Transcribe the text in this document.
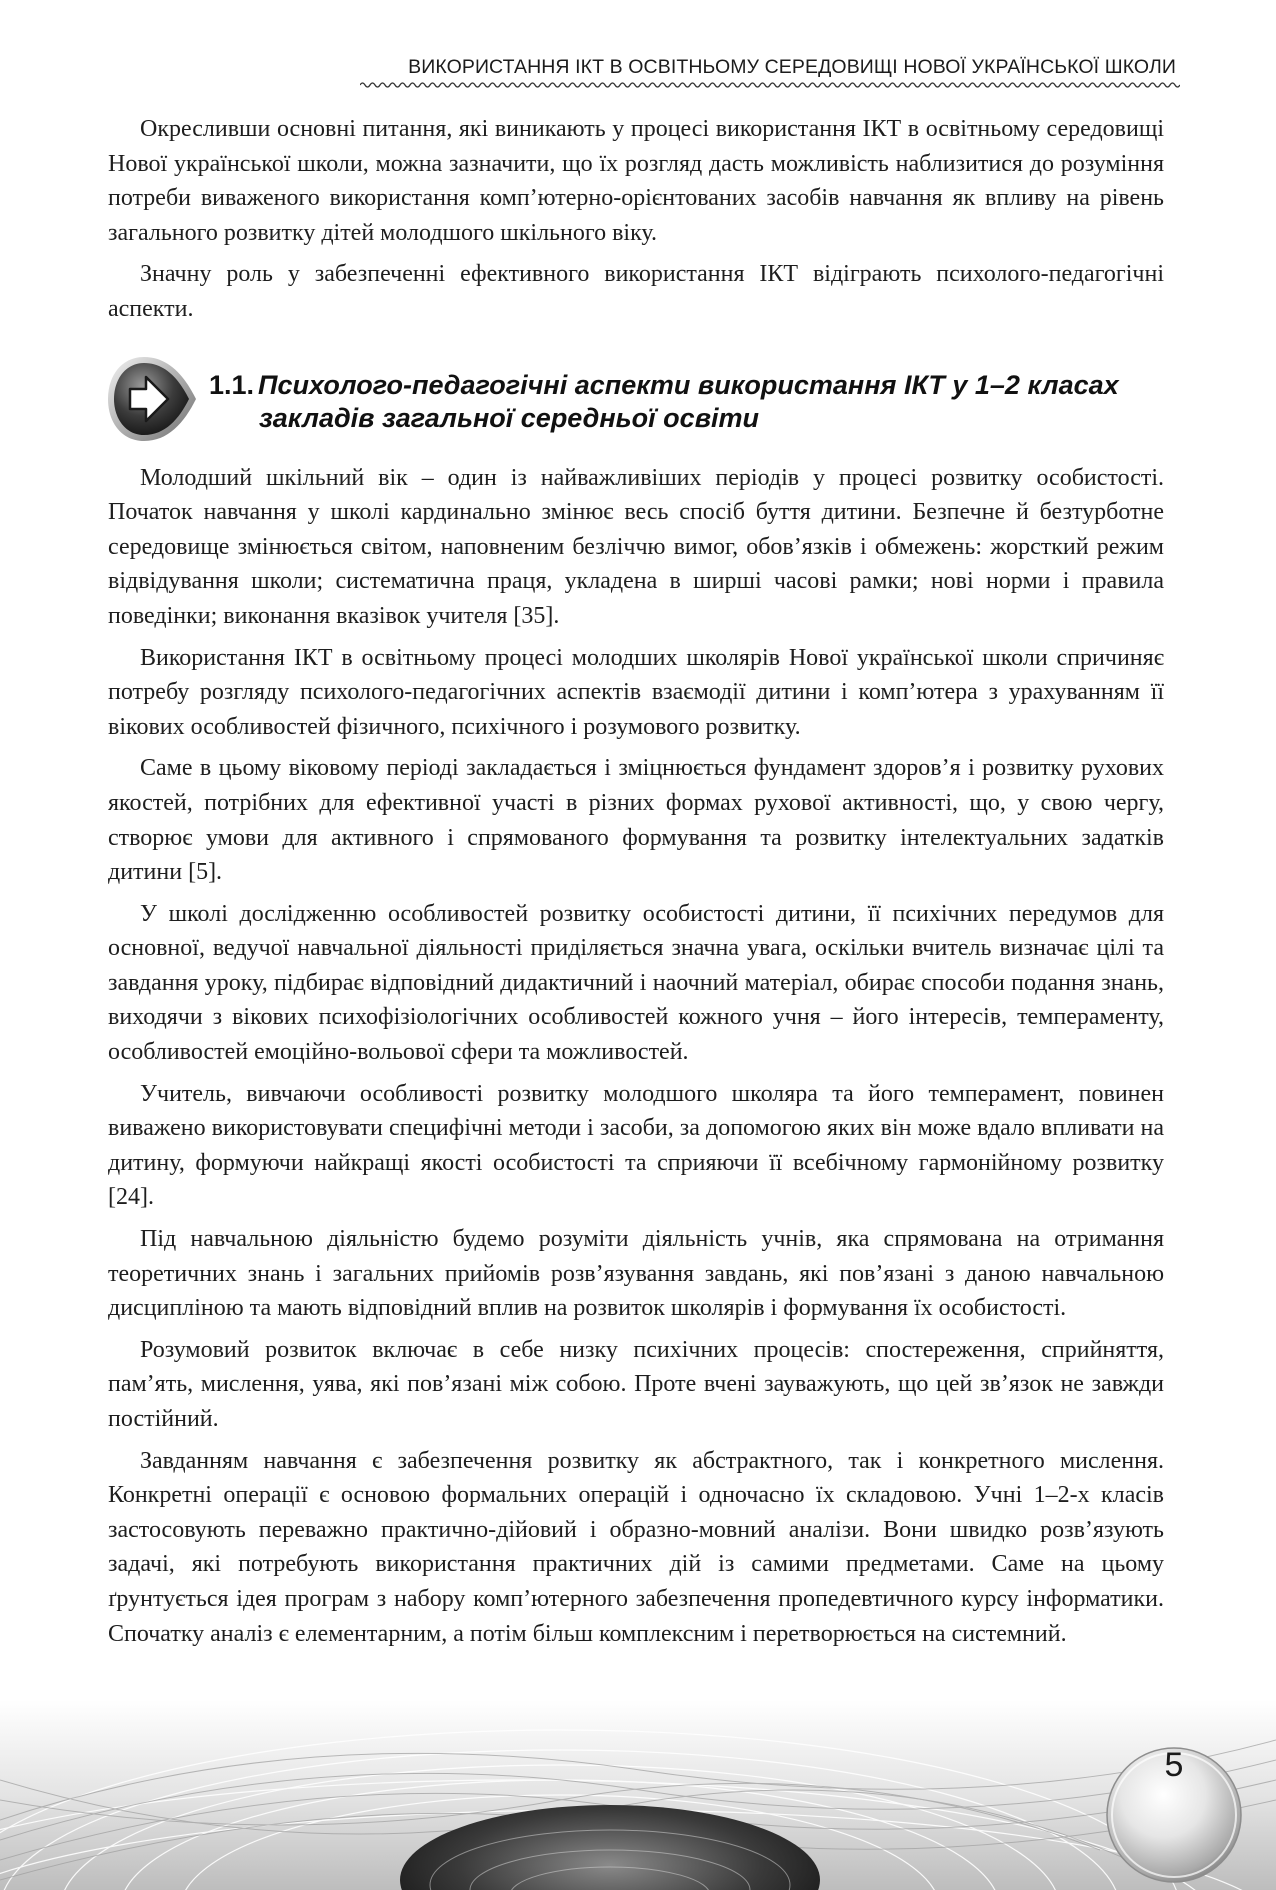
ВИКОРИСТАННЯ ІКТ В ОСВІТНЬОМУ СЕРЕДОВИЩІ НОВОЇ УКРАЇНСЬКОЇ ШКОЛИ

Окресливши основні питання, які виникають у процесі використання ІКТ в освітньому середовищі Нової української школи, можна зазначити, що їх розгляд дасть можливість наблизитися до розуміння потреби виваженого використання комп’ютерно-орієнтованих засобів навчання як впливу на рівень загального розвитку дітей молодшого шкільного віку.

Значну роль у забезпеченні ефективного використання ІКТ відіграють психолого-педагогічні аспекти.

1.1. Психолого-педагогічні аспекти використання ІКТ у 1–2 класах
закладів загальної середньої освіти

Молодший шкільний вік – один із найважливіших періодів у процесі розвитку особистості. Початок навчання у школі кардинально змінює весь спосіб буття дитини. Безпечне й безтурботне середовище змінюється світом, наповненим безліччю вимог, обов’язків і обмежень: жорсткий режим відвідування школи; систематична праця, укладена в ширші часові рамки; нові норми і правила поведінки; виконання вказівок учителя [35].

Використання ІКТ в освітньому процесі молодших школярів Нової української школи спричиняє потребу розгляду психолого-педагогічних аспектів взаємодії дитини і комп’ютера з урахуванням її вікових особливостей фізичного, психічного і розумового розвитку.

Саме в цьому віковому періоді закладається і зміцнюється фундамент здоров’я і розвитку рухових якостей, потрібних для ефективної участі в різних формах рухової активності, що, у свою чергу, створює умови для активного і спрямованого формування та розвитку інтелектуальних задатків дитини [5].

У школі дослідженню особливостей розвитку особистості дитини, її психічних передумов для основної, ведучої навчальної діяльності приділяється значна увага, оскільки вчитель визначає цілі та завдання уроку, підбирає відповідний дидактичний і наочний матеріал, обирає способи подання знань, виходячи з вікових психофізіологічних особливостей кожного учня – його інтересів, темпераменту, особливостей емоційно-вольової сфери та можливостей.

Учитель, вивчаючи особливості розвитку молодшого школяра та його темперамент, повинен виважено використовувати специфічні методи і засоби, за допомогою яких він може вдало впливати на дитину, формуючи найкращі якості особистості та сприяючи її всебічному гармонійному розвитку [24].

Під навчальною діяльністю будемо розуміти діяльність учнів, яка спрямована на отримання теоретичних знань і загальних прийомів розв’язування завдань, які пов’язані з даною навчальною дисципліною та мають відповідний вплив на розвиток школярів і формування їх особистості.

Розумовий розвиток включає в себе низку психічних процесів: спостереження, сприйняття, пам’ять, мислення, уява, які пов’язані між собою. Проте вчені зауважують, що цей зв’язок не завжди постійний.

Завданням навчання є забезпечення розвитку як абстрактного, так і конкретного мислення. Конкретні операції є основою формальних операцій і одночасно їх складовою. Учні 1–2-х класів застосовують переважно практично-дійовий і образно-мовний аналізи. Вони швидко розв’язують задачі, які потребують використання практичних дій із самими предметами. Саме на цьому ґрунтується ідея програм з набору комп’ютерного забезпечення пропедевтичного курсу інформатики. Спочатку аналіз є елементарним, а потім більш комплексним і перетворюється на системний.

5
